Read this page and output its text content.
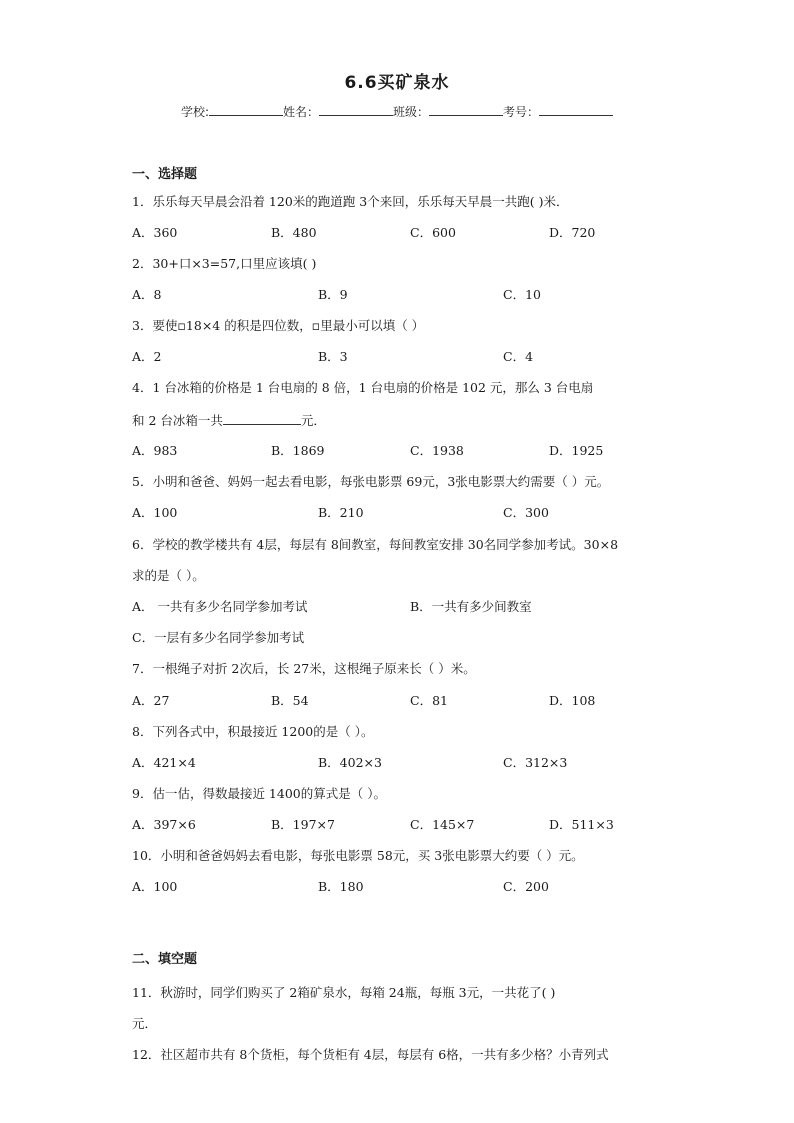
6.6买矿泉水
学校:	姓名：	班级：	考号：
一、选择题
1．乐乐每天早晨会沿着 120米的跑道跑 3个来回，乐乐每天早晨一共跑( )米．
A．360	B．480	C．600	D．720
2．30+口×3=57,口里应该填( )
A．8	B．9	C．10
3．要使▫18×4 的积是四位数，▫里最小可以填（ ）
A．2	B．3	C．4
4．1 台冰箱的价格是 1 台电扇的 8 倍，1 台电扇的价格是 102 元，那么 3 台电扇
和 2 台冰箱一共	元．
A．983	B．1869	C．1938	D．1925
5．小明和爸爸、妈妈一起去看电影，每张电影票 69元，3张电影票大约需要（ ）元。
A．100	B．210	C．300
6．学校的教学楼共有 4层，每层有 8间教室，每间教室安排 30名同学参加考试。30×8
求的是（ ）。
A． 一共有多少名同学参加考试	B．一共有多少间教室
C．一层有多少名同学参加考试
7．一根绳子对折 2次后，长 27米，这根绳子原来长（ ）米。
A．27	B．54	C．81	D．108
8．下列各式中，积最接近 1200的是（ ）。
A．421×4	B．402×3	C．312×3
9．估一估，得数最接近 1400的算式是（ ）。
A．397×6	B．197×7	C．145×7	D．511×3
10．小明和爸爸妈妈去看电影，每张电影票 58元，买 3张电影票大约要（ ）元。
A．100	B．180	C．200
二、填空题
11．秋游时，同学们购买了 2箱矿泉水，每箱 24瓶，每瓶 3元，一共花了( )
元．
12．社区超市共有 8个货柜，每个货柜有 4层，每层有 6格，一共有多少格？小青列式
